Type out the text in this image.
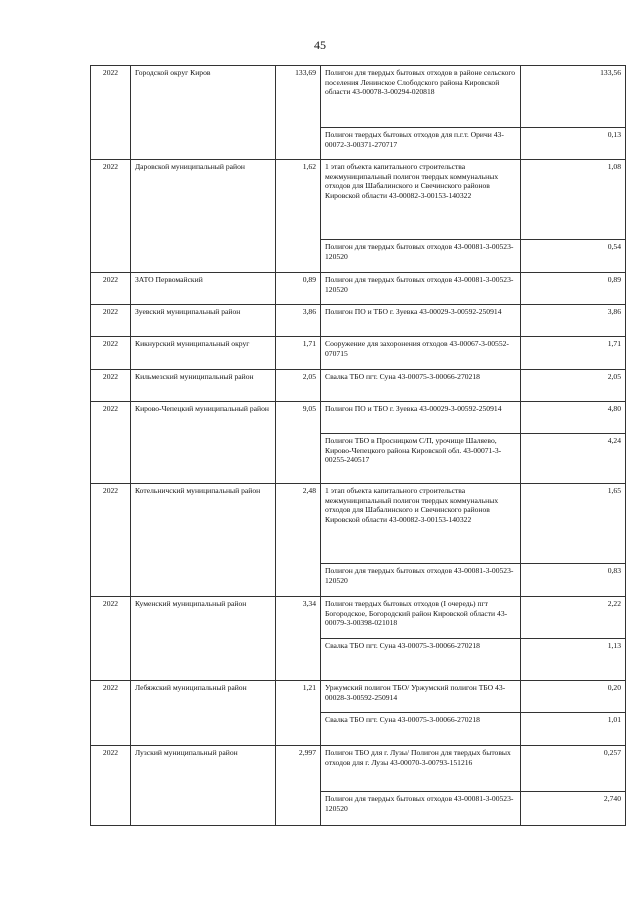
45
2022	Городской округ Киров	133,69	Полигон для твердых бытовых отходов в районе сельского поселения Ленинское Слободского района Кировской области 43-00078-3-00294-020818	133,56
			Полигон твердых бытовых отходов для п.г.т. Оричи 43-00072-3-00371-270717	0,13
2022	Даровской муниципальный район	1,62	1 этап объекта капитального строительства межмуниципальный полигон твердых коммунальных отходов для Шабалинского и Свечинского районов Кировской области 43-00082-3-00153-140322	1,08
			Полигон для твердых бытовых отходов 43-00081-3-00523-120520	0,54
2022	ЗАТО Первомайский	0,89	Полигон для твердых бытовых отходов 43-00081-3-00523-120520	0,89
2022	Зуевский муниципальный район	3,86	Полигон ПО и ТБО г. Зуевка 43-00029-3-00592-250914	3,86
2022	Кикнурский муниципальный округ	1,71	Сооружение для захоронения отходов 43-00067-3-00552-070715	1,71
2022	Кильмезский муниципальный район	2,05	Свалка ТБО пгт. Суна 43-00075-3-00066-270218	2,05
2022	Кирово-Чепецкий муниципальный район	9,05	Полигон ПО и ТБО г. Зуевка 43-00029-3-00592-250914	4,80
			Полигон ТБО в Просницком С/П, урочище Шаляево, Кирово-Чепецкого района Кировской обл. 43-00071-3-00255-240517	4,24
2022	Котельничский муниципальный район	2,48	1 этап объекта капитального строительства межмуниципальный полигон твердых коммунальных отходов для Шабалинского и Свечинского районов Кировской области 43-00082-3-00153-140322	1,65
			Полигон для твердых бытовых отходов 43-00081-3-00523-120520	0,83
2022	Куменский муниципальный район	3,34	Полигон твердых бытовых отходов (I очередь) пгт Богородское, Богородский район Кировской области 43-00079-3-00398-021018	2,22
			Свалка ТБО пгт. Суна 43-00075-3-00066-270218	1,13
2022	Лебяжский муниципальный район	1,21	Уржумский полигон ТБО/ Уржумский полигон ТБО 43-00028-3-00592-250914	0,20
			Свалка ТБО пгт. Суна 43-00075-3-00066-270218	1,01
2022	Лузский муниципальный район	2,997	Полигон ТБО для г. Лузы/ Полигон для твердых бытовых отходов для г. Лузы 43-00070-3-00793-151216	0,257
			Полигон для твердых бытовых отходов 43-00081-3-00523-120520	2,740
